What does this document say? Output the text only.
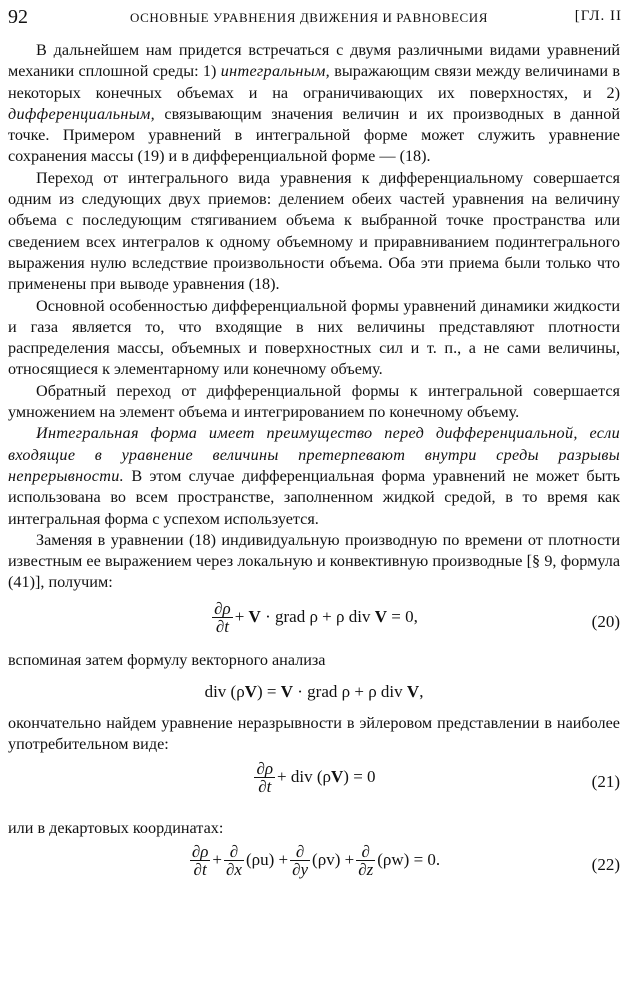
92	ОСНОВНЫЕ УРАВНЕНИЯ ДВИЖЕНИЯ И РАВНОВЕСИЯ	[ГЛ. II

В дальнейшем нам придется встречаться с двумя различными видами уравнений механики сплошной среды: 1) интегральным, выражающим связи между величинами в некоторых конечных объемах и на ограничивающих их поверхностях, и 2) дифференциальным, связывающим значения величин и их производных в данной точке. Примером уравнений в интегральной форме может служить уравнение сохранения массы (19) и в дифференциальной форме — (18).

Переход от интегрального вида уравнения к дифференциальному совершается одним из следующих двух приемов: делением обеих частей уравнения на величину объема с последующим стягиванием объема к выбранной точке пространства или сведением всех интегралов к одному объемному и приравниванием подинтегрального выражения нулю вследствие произвольности объема. Оба эти приема были только что применены при выводе уравнения (18).

Основной особенностью дифференциальной формы уравнений динамики жидкости и газа является то, что входящие в них величины представляют плотности распределения массы, объемных и поверхностных сил и т. п., а не сами величины, относящиеся к элементарному или конечному объему.

Обратный переход от дифференциальной формы к интегральной совершается умножением на элемент объема и интегрированием по конечному объему.

Интегральная форма имеет преимущество перед дифференциальной, если входящие в уравнение величины претерпевают внутри среды разрывы непрерывности. В этом случае дифференциальная форма уравнений не может быть использована во всем пространстве, заполненном жидкой средой, в то время как интегральная форма с успехом используется.

Заменяя в уравнении (18) индивидуальную производную по времени от плотности известным ее выражением через локальную и конвективную производные [§ 9, формула (41)], получим:

$\frac{\partial\rho}{\partial t} + V$ · grad ρ + ρ div V = 0,	(20)

вспоминая затем формулу векторного анализа

div (ρV) = V · grad ρ + ρ div V,

окончательно найдем уравнение неразрывности в эйлеровом представлении в наиболее употребительном виде:

$\frac{\partial\rho}{\partial t}$ + div (ρV) = 0	(21)

или в декартовых координатах:

$\frac{\partial\rho}{\partial t} + \frac{\partial}{\partial x} (\rho u) + \frac{\partial}{\partial y} (\rho v) + \frac{\partial}{\partial z} (\rho w) = 0$.	(22)
